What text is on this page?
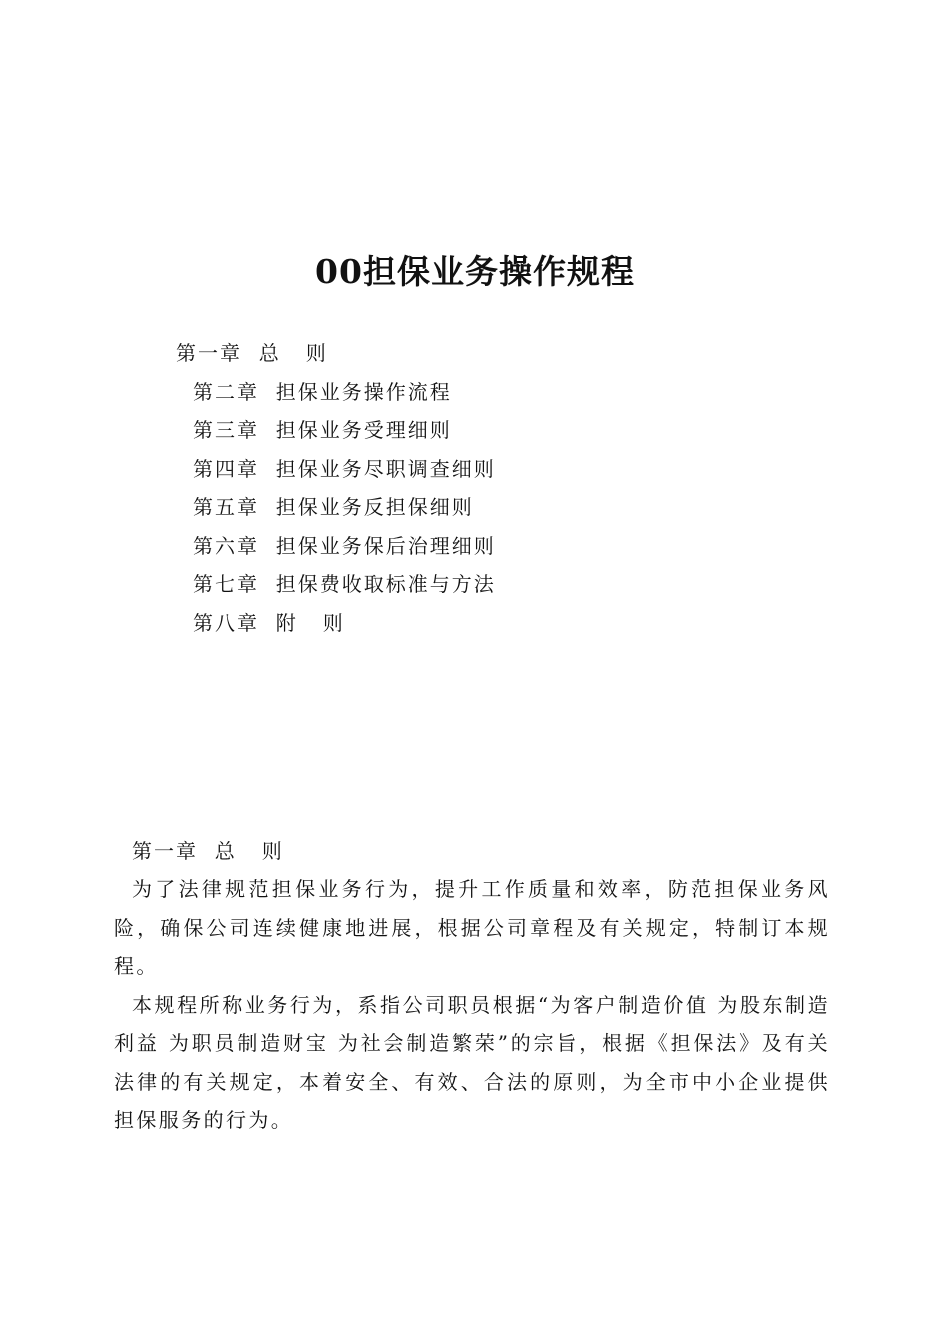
00担保业务操作规程
第一章  总   则
第二章  担保业务操作流程
第三章  担保业务受理细则
第四章  担保业务尽职调查细则
第五章  担保业务反担保细则
第六章  担保业务保后治理细则
第七章  担保费收取标准与方法
第八章  附   则
第一章  总   则

为了法律规范担保业务行为，提升工作质量和效率，防范担保业务风险，确保公司连续健康地进展，根据公司章程及有关规定，特制订本规程。

本规程所称业务行为，系指公司职员根据“为客户制造价值 为股东制造利益 为职员制造财宝 为社会制造繁荣”的宗旨，根据《担保法》及有关法律的有关规定，本着安全、有效、合法的原则，为全市中小企业提供担保服务的行为。
